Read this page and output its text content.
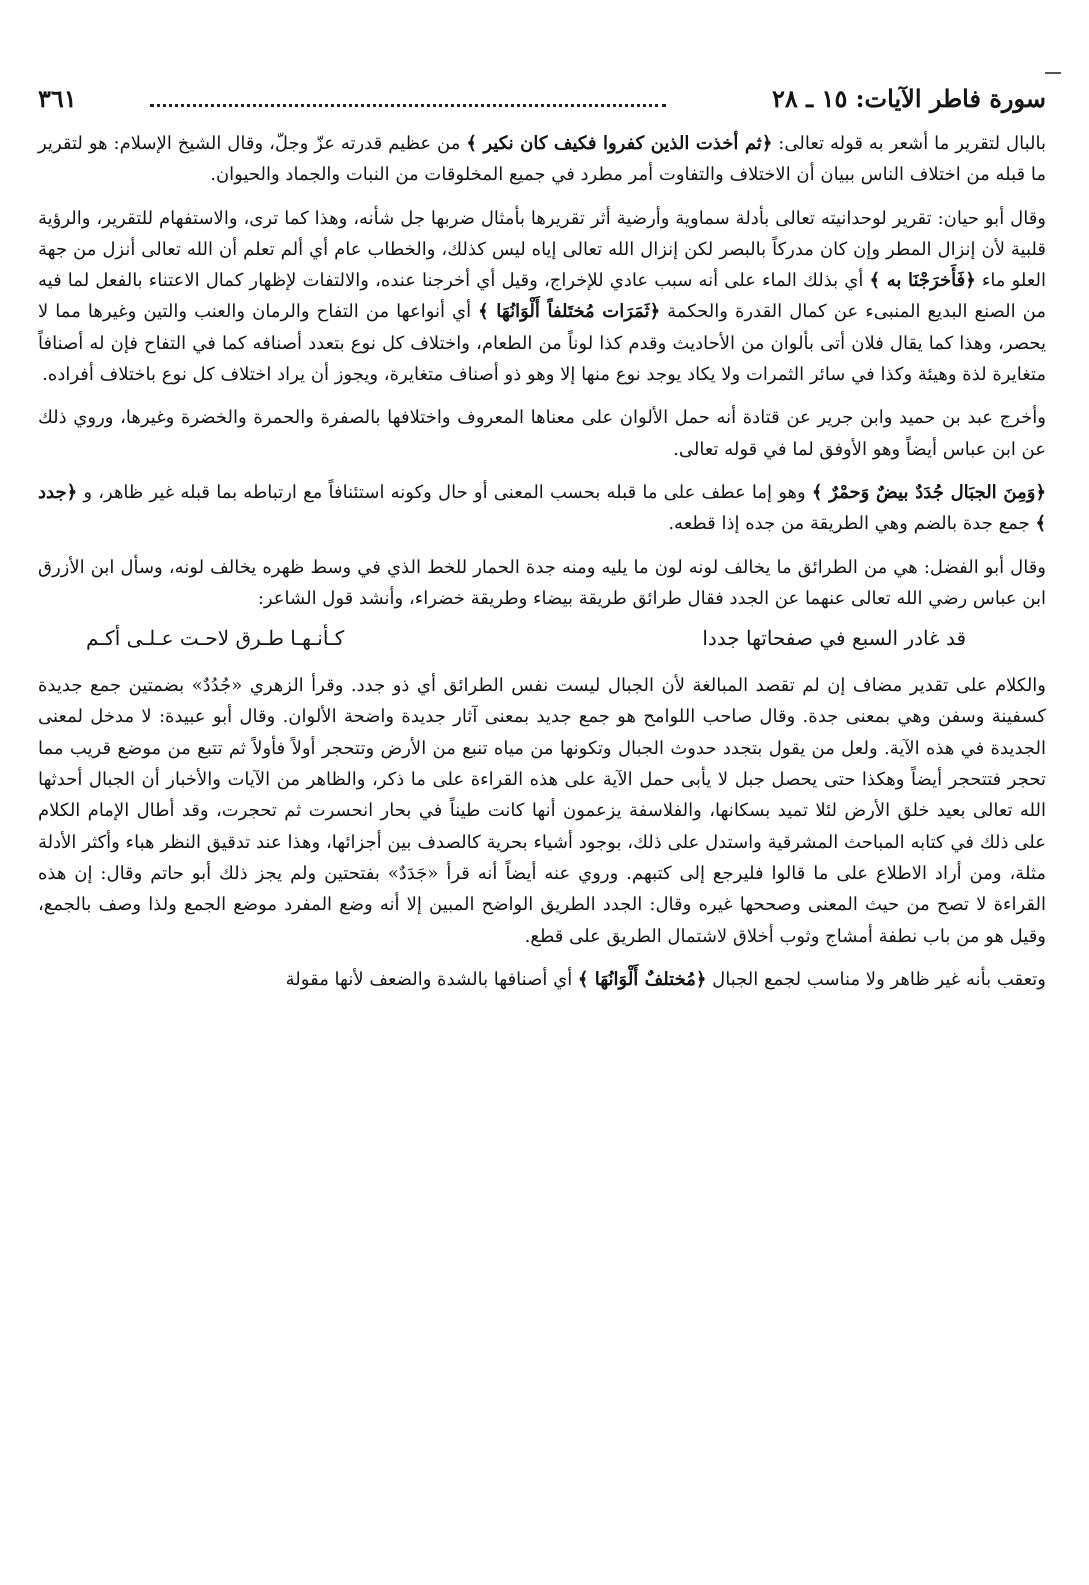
سورة فاطر الآيات: ١٥ ـ ٢٨
٣٦١

بالبال لتقرير ما أشعر به قوله تعالى: ﴿ثم أخذت الذين كفروا فكيف كان نكير ﴾ من عظيم قدرته عزّ وجلّ، وقال الشيخ الإسلام: هو لتقرير ما قبله من اختلاف الناس ببيان أن الاختلاف والتفاوت أمر مطرد في جميع المخلوقات من النبات والجماد والحيوان.

وقال أبو حيان: تقرير لوحدانيته تعالى بأدلة سماوية وأرضية أثر تقريرها بأمثال ضربها جل شأنه، وهذا كما ترى، والاستفهام للتقرير، والرؤية قلبية لأن إنزال المطر وإن كان مدركاً بالبصر لكن إنزال الله تعالى إياه ليس كذلك، والخطاب عام أي ألم تعلم أن الله تعالى أنزل من جهة العلو ماء ﴿فَأَخرَجْنَا به ﴾ أي بذلك الماء على أنه سبب عادي للإخراج، وقيل أي أخرجنا عنده، والالتفات لإظهار كمال الاعتناء بالفعل لما فيه من الصنع البديع المنبىء عن كمال القدرة والحكمة ﴿ثَمَرَات مُختَلفاً أَلْوَانُهَا ﴾ أي أنواعها من التفاح والرمان والعنب والتين وغيرها مما لا يحصر، وهذا كما يقال فلان أتى بألوان من الأحاديث وقدم كذا لوناً من الطعام، واختلاف كل نوع بتعدد أصنافه كما في التفاح فإن له أصنافاً متغايرة لذة وهيئة وكذا في سائر الثمرات ولا يكاد يوجد نوع منها إلا وهو ذو أصناف متغايرة، ويجوز أن يراد اختلاف كل نوع باختلاف أفراده.

وأخرج عبد بن حميد وابن جرير عن قتادة أنه حمل الألوان على معناها المعروف واختلافها بالصفرة والحمرة والخضرة وغيرها، وروي ذلك عن ابن عباس أيضاً وهو الأوفق لما في قوله تعالى.

﴿وَمِنَ الجبَال جُدَدٌ بيضٌ وَحمْرٌ ﴾ وهو إما عطف على ما قبله بحسب المعنى أو حال وكونه استئنافاً مع ارتباطه بما قبله غير ظاهر، و ﴿جدد ﴾ جمع جدة بالضم وهي الطريقة من جده إذا قطعه.

وقال أبو الفضل: هي من الطرائق ما يخالف لونه لون ما يليه ومنه جدة الحمار للخط الذي في وسط ظهره يخالف لونه، وسأل ابن الأزرق ابن عباس رضي الله تعالى عنهما عن الجدد فقال طرائق طريقة بيضاء وطريقة خضراء، وأنشد قول الشاعر:

قد غادر السبع في صفحاتها جددا
كـأنـهـا طـرق لاحـت عـلـى أكـم

والكلام على تقدير مضاف إن لم تقصد المبالغة لأن الجبال ليست نفس الطرائق أي ذو جدد. وقرأ الزهري «جُدُدٌ» بضمتين جمع جديدة كسفينة وسفن وهي بمعنى جدة. وقال صاحب اللوامح هو جمع جديد بمعنى آثار جديدة واضحة الألوان. وقال أبو عبيدة: لا مدخل لمعنى الجديدة في هذه الآية. ولعل من يقول بتجدد حدوث الجبال وتكونها من مياه تنبع من الأرض وتتحجر أولاً فأولاً ثم تتبع من موضع قريب مما تحجر فتتحجر أيضاً وهكذا حتى يحصل جبل لا يأبى حمل الآية على هذه القراءة على ما ذكر، والظاهر من الآيات والأخبار أن الجبال أحدثها الله تعالى بعيد خلق الأرض لئلا تميد بسكانها، والفلاسفة يزعمون أنها كانت طيناً في بحار انحسرت ثم تحجرت، وقد أطال الإمام الكلام على ذلك في كتابه المباحث المشرقية واستدل على ذلك، بوجود أشياء بحرية كالصدف بين أجزائها، وهذا عند تدقيق النظر هباء وأكثر الأدلة مثلة، ومن أراد الاطلاع على ما قالوا فليرجع إلى كتبهم. وروي عنه أيضاً أنه قرأ «جَدَدٌ» بفتحتين ولم يجز ذلك أبو حاتم وقال: إن هذه القراءة لا تصح من حيث المعنى وصححها غيره وقال: الجدد الطريق الواضح المبين إلا أنه وضع المفرد موضع الجمع ولذا وصف بالجمع، وقيل هو من باب نطفة أمشاج وثوب أخلاق لاشتمال الطريق على قطع.

وتعقب بأنه غير ظاهر ولا مناسب لجمع الجبال ﴿مُختلفٌ أَلْوَانُهَا ﴾ أي أصنافها بالشدة والضعف لأنها مقولة
